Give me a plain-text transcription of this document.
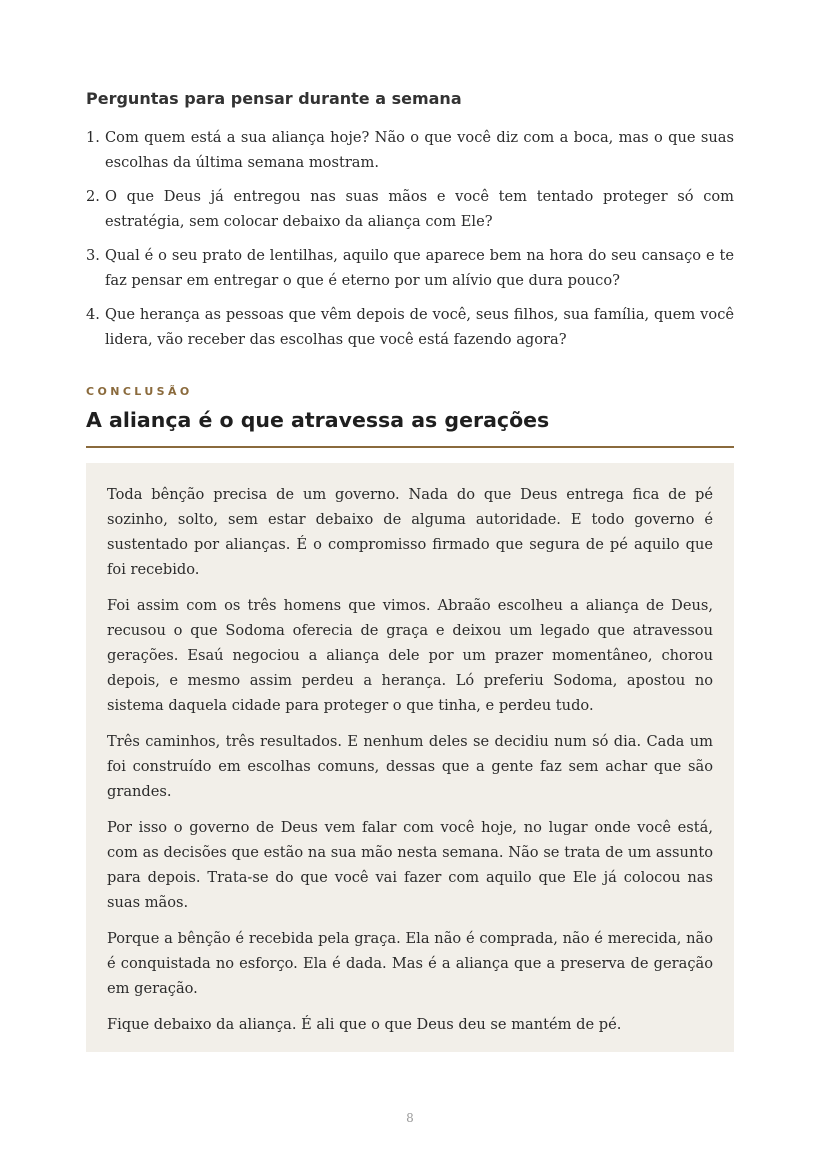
Perguntas para pensar durante a semana
1. Com quem está a sua aliança hoje? Não o que você diz com a boca, mas o que suas escolhas da última semana mostram.
2. O que Deus já entregou nas suas mãos e você tem tentado proteger só com estratégia, sem colocar debaixo da aliança com Ele?
3. Qual é o seu prato de lentilhas, aquilo que aparece bem na hora do seu cansaço e te faz pensar em entregar o que é eterno por um alívio que dura pouco?
4. Que herança as pessoas que vêm depois de você, seus filhos, sua família, quem você lidera, vão receber das escolhas que você está fazendo agora?
CONCLUSÃO
A aliança é o que atravessa as gerações

Toda bênção precisa de um governo. Nada do que Deus entrega fica de pé sozinho, solto, sem estar debaixo de alguma autoridade. E todo governo é sustentado por alianças. É o compromisso firmado que segura de pé aquilo que foi recebido.

Foi assim com os três homens que vimos. Abraão escolheu a aliança de Deus, recusou o que Sodoma oferecia de graça e deixou um legado que atravessou gerações. Esaú negociou a aliança dele por um prazer momentâneo, chorou depois, e mesmo assim perdeu a herança. Ló preferiu Sodoma, apostou no sistema daquela cidade para proteger o que tinha, e perdeu tudo.

Três caminhos, três resultados. E nenhum deles se decidiu num só dia. Cada um foi construído em escolhas comuns, dessas que a gente faz sem achar que são grandes.

Por isso o governo de Deus vem falar com você hoje, no lugar onde você está, com as decisões que estão na sua mão nesta semana. Não se trata de um assunto para depois. Trata-se do que você vai fazer com aquilo que Ele já colocou nas suas mãos.

Porque a bênção é recebida pela graça. Ela não é comprada, não é merecida, não é conquistada no esforço. Ela é dada. Mas é a aliança que a preserva de geração em geração.

Fique debaixo da aliança. É ali que o que Deus deu se mantém de pé.

8
